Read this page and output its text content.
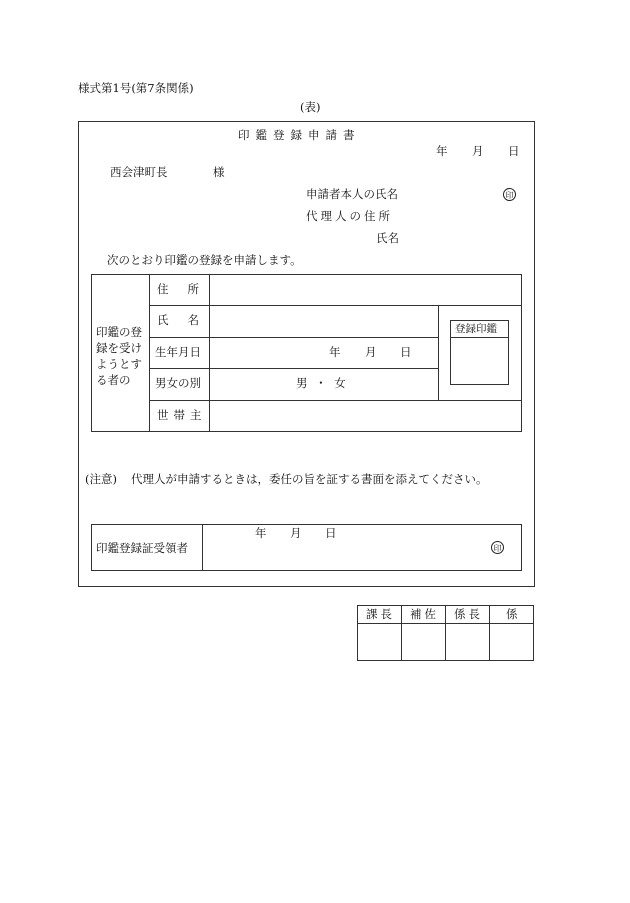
様式第1号(第7条関係)
(表)
印鑑登録申請書
年 月 日
西会津町長	様
申請者本人の氏名	印
代理人の住所
氏名
次のとおり印鑑の登録を申請します。
印鑑の登録を受けようとする者の
住所
氏名
生年月日
男女の別
世帯主
年 月 日
男 ・ 女
登録印鑑
(注意) 代理人が申請するときは，委任の旨を証する書面を添えてください。
印鑑登録証受領者
年 月 日
印
課長 補佐 係長 係
